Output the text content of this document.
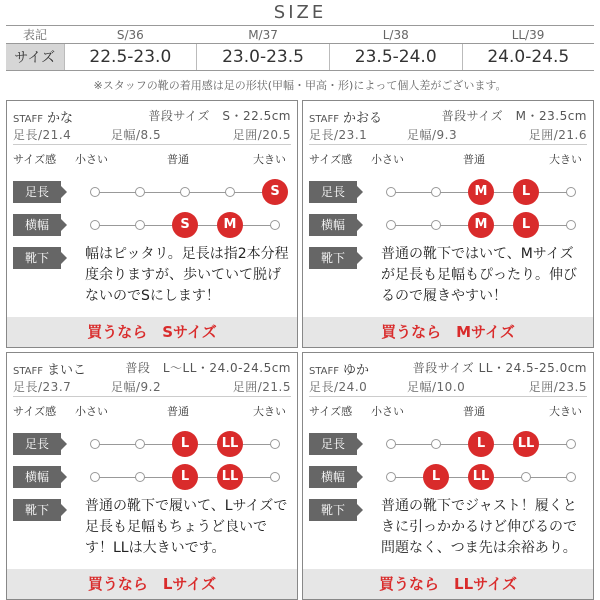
SIZE
表記	S/36	M/37	L/38	LL/39
サイズ	22.5-23.0	23.0-23.5	23.5-24.0	24.0-24.5
※スタッフの靴の着用感は足の形状(甲幅・甲高・形)によって個人差がございます。
STAFF かな	普段サイズ　S・22.5cm
足長/21.4	足幅/8.5	足囲/20.5
サイズ感 小さい	普通	大きい
足長	S
横幅	S	M
靴下	幅はピッタリ。足長は指2本分程度余りますが、歩いていて脱げないのでSにします！
買うなら　Sサイズ
STAFF かおる	普段サイズ　M・23.5cm
足長/23.1	足幅/9.3	足囲/21.6
サイズ感 小さい	普通	大きい
足長	M	L
横幅	M	L
靴下	普通の靴下ではいて、Mサイズが足長も足幅もぴったり。伸びるので履きやすい！
買うなら　Mサイズ
STAFF まいこ	普段　L～LL・24.0-24.5cm
足長/23.7	足幅/9.2	足囲/21.5
サイズ感 小さい	普通	大きい
足長	L	LL
横幅	L	LL
靴下	普通の靴下で履いて、Lサイズで足長も足幅もちょうど良いです！LLは大きいです。
買うなら　Lサイズ
STAFF ゆか	普段サイズ LL・24.5-25.0cm
足長/24.0	足幅/10.0	足囲/23.5
サイズ感 小さい	普通	大きい
足長	L	LL
横幅	L	LL
靴下	普通の靴下でジャスト！履くときに引っかかるけど伸びるので問題なく、つま先は余裕あり。
買うなら　LLサイズ
